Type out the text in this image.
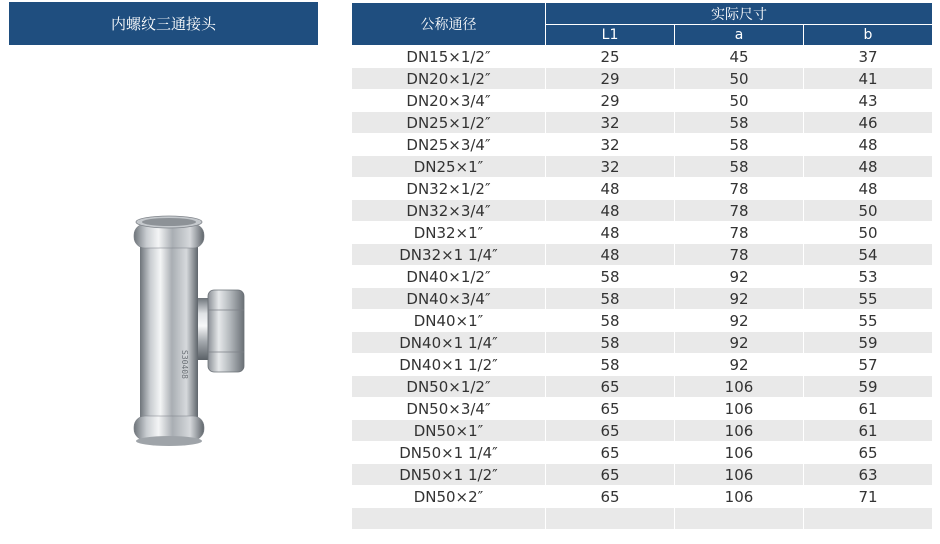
内螺纹三通接头
S30408
公称通径	实际尺寸		
	L1	a	b
DN15×1/2″	25	45	37
DN20×1/2″	29	50	41
DN20×3/4″	29	50	43
DN25×1/2″	32	58	46
DN25×3/4″	32	58	48
DN25×1″	32	58	48
DN32×1/2″	48	78	48
DN32×3/4″	48	78	50
DN32×1″	48	78	50
DN32×1 1/4″	48	78	54
DN40×1/2″	58	92	53
DN40×3/4″	58	92	55
DN40×1″	58	92	55
DN40×1 1/4″	58	92	59
DN40×1 1/2″	58	92	57
DN50×1/2″	65	106	59
DN50×3/4″	65	106	61
DN50×1″	65	106	61
DN50×1 1/4″	65	106	65
DN50×1 1/2″	65	106	63
DN50×2″	65	106	71
